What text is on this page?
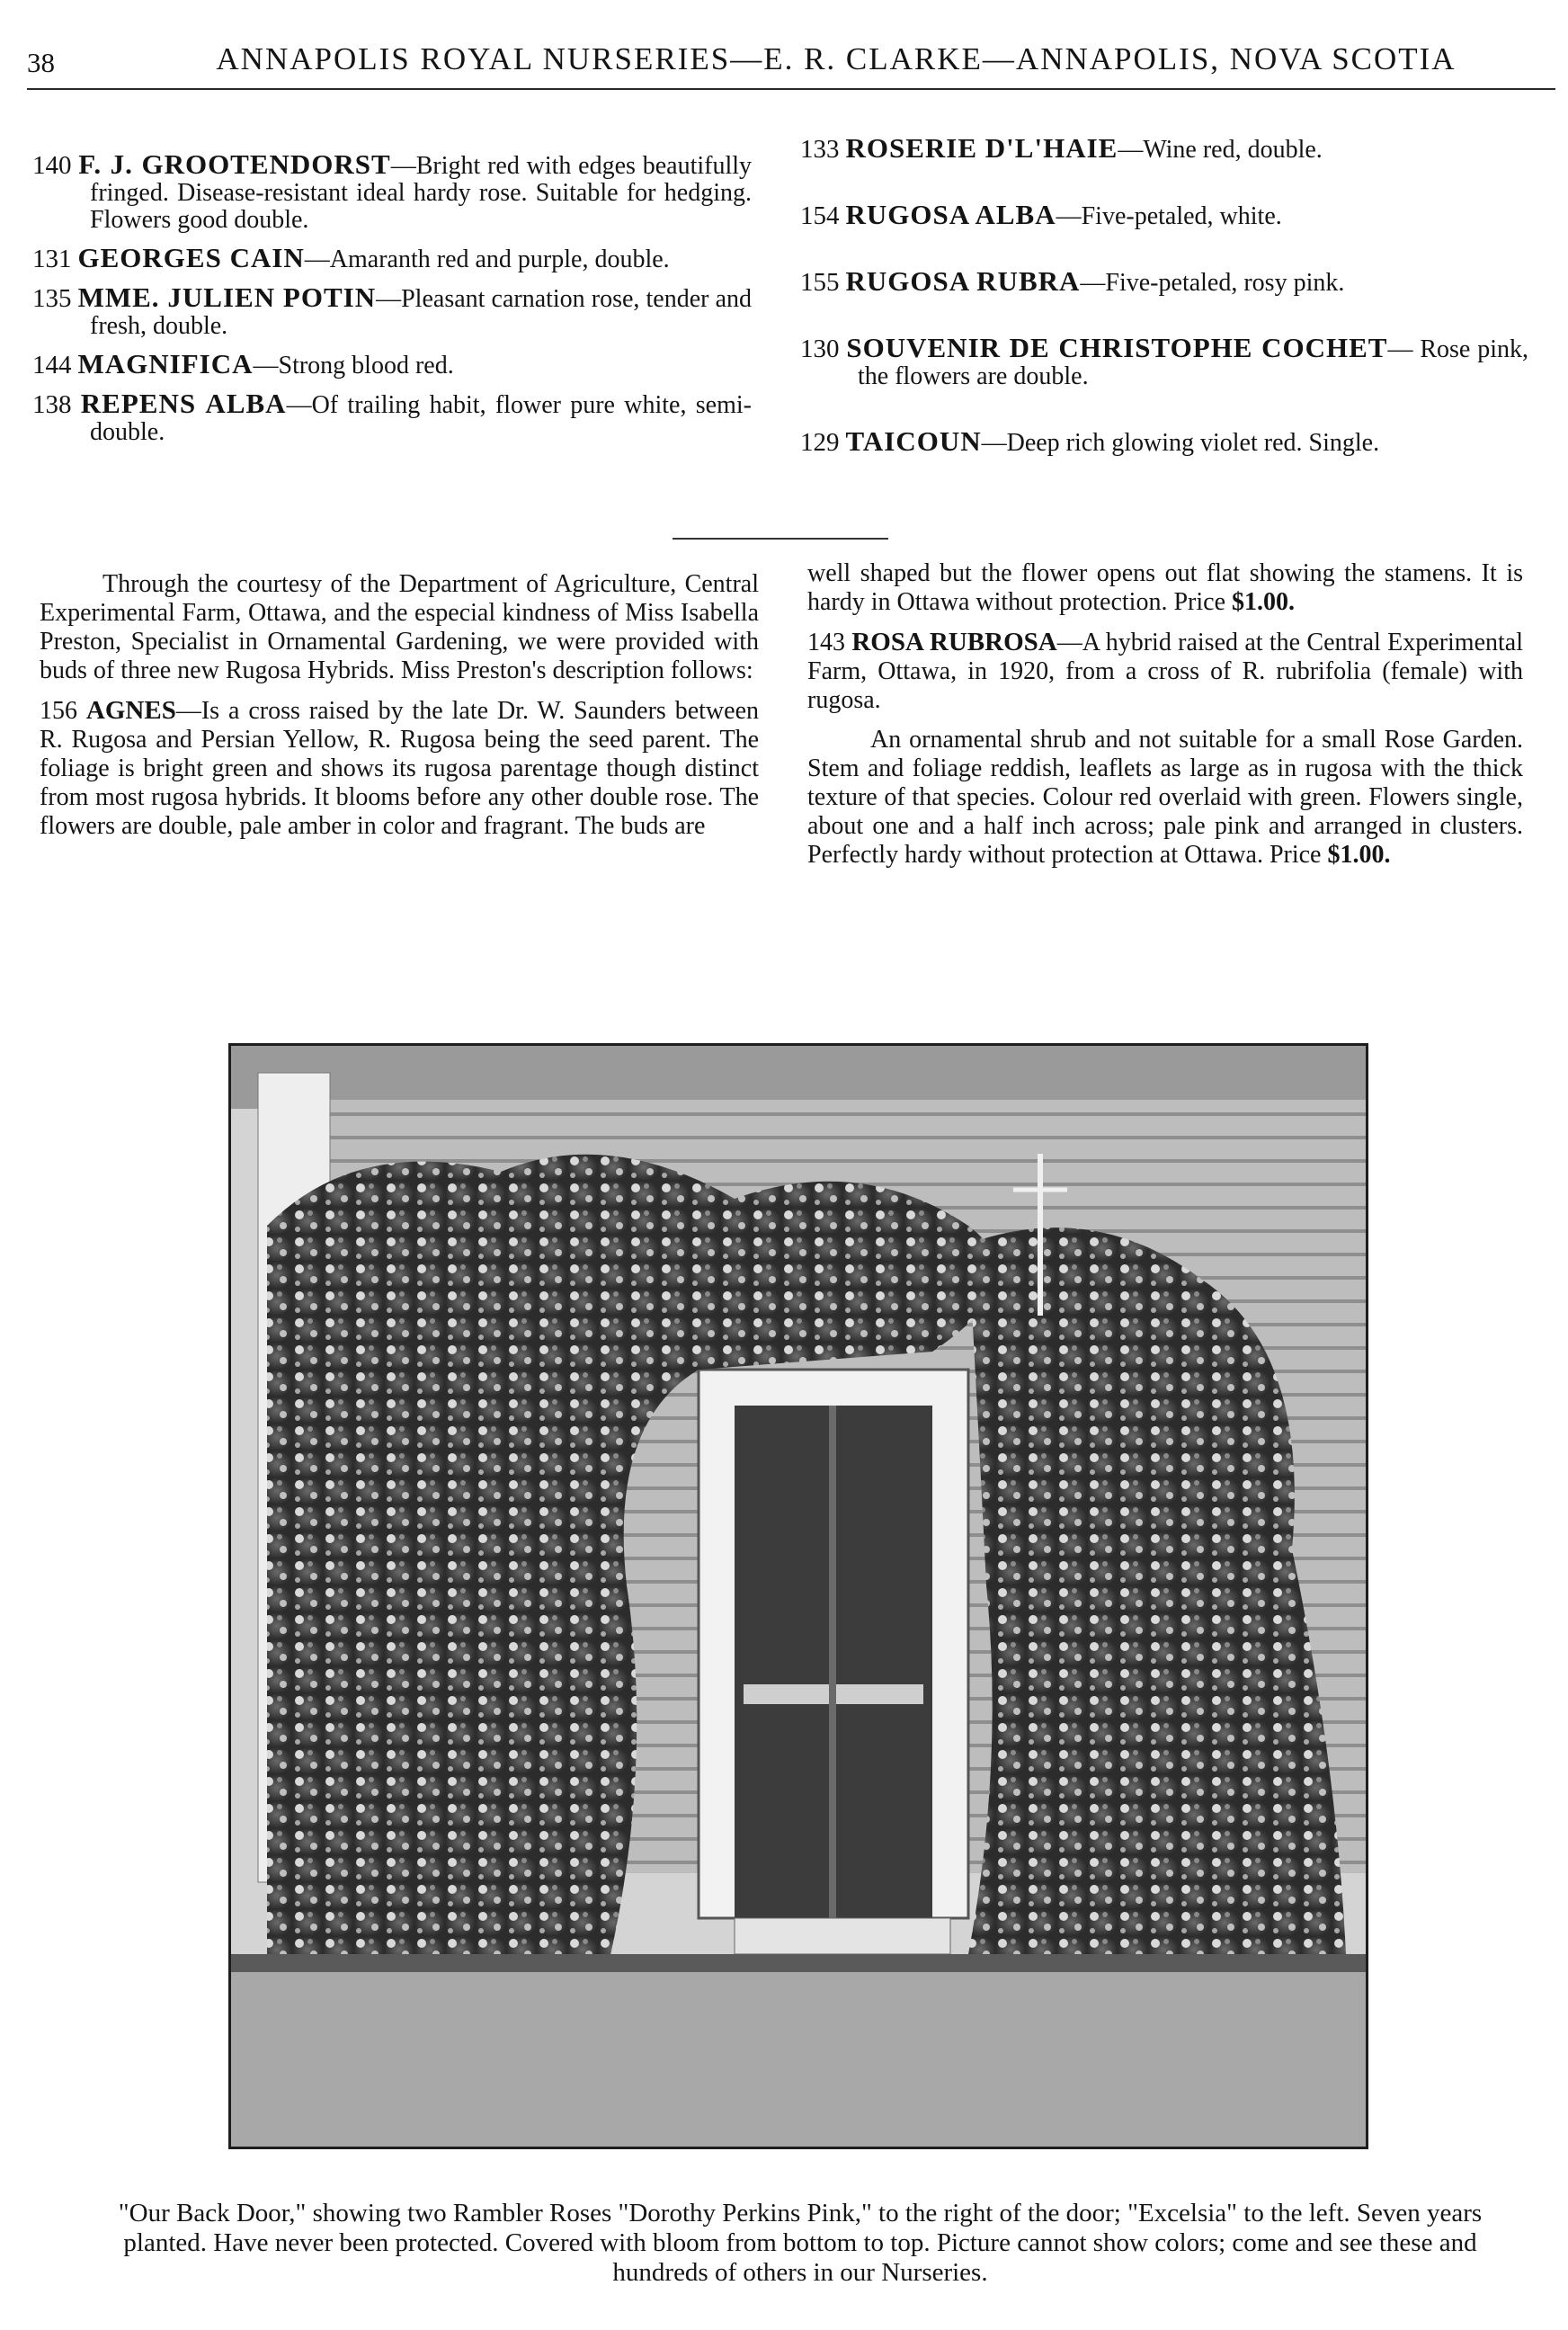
38	ANNAPOLIS ROYAL NURSERIES—E. R. CLARKE—ANNAPOLIS, NOVA SCOTIA

140 F. J. GROOTENDORST—Bright red with edges beautifully fringed. Disease-resistant ideal hardy rose. Suitable for hedging. Flowers good double.

131 GEORGES CAIN—Amaranth red and purple, double.

135 MME. JULIEN POTIN—Pleasant carnation rose, tender and fresh, double.

144 MAGNIFICA—Strong blood red.

138 REPENS ALBA—Of trailing habit, flower pure white, semi-double.

133 ROSERIE D'L'HAIE—Wine red, double.

154 RUGOSA ALBA—Five-petaled, white.

155 RUGOSA RUBRA—Five-petaled, rosy pink.

130 SOUVENIR DE CHRISTOPHE COCHET— Rose pink, the flowers are double.

129 TAICOUN—Deep rich glowing violet red. Single.

Through the courtesy of the Department of Agriculture, Central Experimental Farm, Ottawa, and the especial kindness of Miss Isabella Preston, Specialist in Ornamental Gardening, we were provided with buds of three new Rugosa Hybrids. Miss Preston's description follows:

156 AGNES—Is a cross raised by the late Dr. W. Saunders between R. Rugosa and Persian Yellow, R. Rugosa being the seed parent. The foliage is bright green and shows its rugosa parentage though distinct from most rugosa hybrids. It blooms before any other double rose. The flowers are double, pale amber in color and fragrant. The buds are

well shaped but the flower opens out flat showing the stamens. It is hardy in Ottawa without protection. Price $1.00.

143 ROSA RUBROSA—A hybrid raised at the Central Experimental Farm, Ottawa, in 1920, from a cross of R. rubrifolia (female) with rugosa.

An ornamental shrub and not suitable for a small Rose Garden. Stem and foliage reddish, leaflets as large as in rugosa with the thick texture of that species. Colour red overlaid with green. Flowers single, about one and a half inch across; pale pink and arranged in clusters. Perfectly hardy without protection at Ottawa. Price $1.00.

"Our Back Door," showing two Rambler Roses "Dorothy Perkins Pink," to the right of the door; "Excelsia" to the left. Seven years planted. Have never been protected. Covered with bloom from bottom to top. Picture cannot show colors; come and see these and hundreds of others in our Nurseries.
